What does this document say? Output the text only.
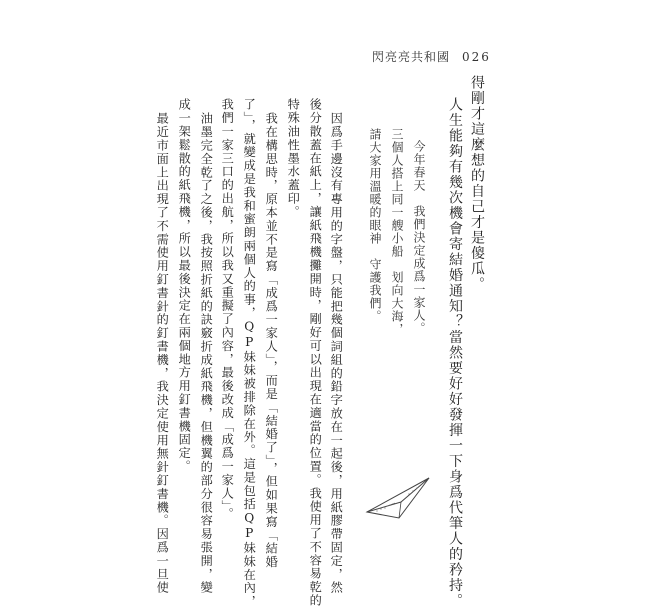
閃亮亮共和國 026
得剛才這麼想的自己才是傻瓜。
人生能夠有幾次機會寄結婚通知？當然要好好發揮一下身爲代筆人的矜持。
今年春天　我們決定成爲一家人。
三個人搭上同一艘小船　划向大海，
請大家用溫暖的眼神　守護我們。
因爲手邊沒有專用的字盤，只能把幾個詞組的鉛字放在一起後，用紙膠帶固定，然
後分散蓋在紙上，讓紙飛機攤開時，剛好可以出現在適當的位置。我使用了不容易乾的
特殊油性墨水蓋印。
我在構思時，原本並不是寫「成爲一家人」，而是「結婚了」，但如果寫「結婚
了」，就變成是我和蜜朗兩個人的事，QP妹妹被排除在外。這是包括QP妹妹在內，
我們一家三口的出航，所以我又重擬了內容，最後改成「成爲一家人」。
油墨完全乾了之後，我按照折紙的訣竅折成紙飛機，但機翼的部分很容易張開，變
成一架鬆散的紙飛機，所以最後決定在兩個地方用釘書機固定。
最近市面上出現了不需使用釘書針的釘書機，我決定使用無針釘書機。因爲一旦使
